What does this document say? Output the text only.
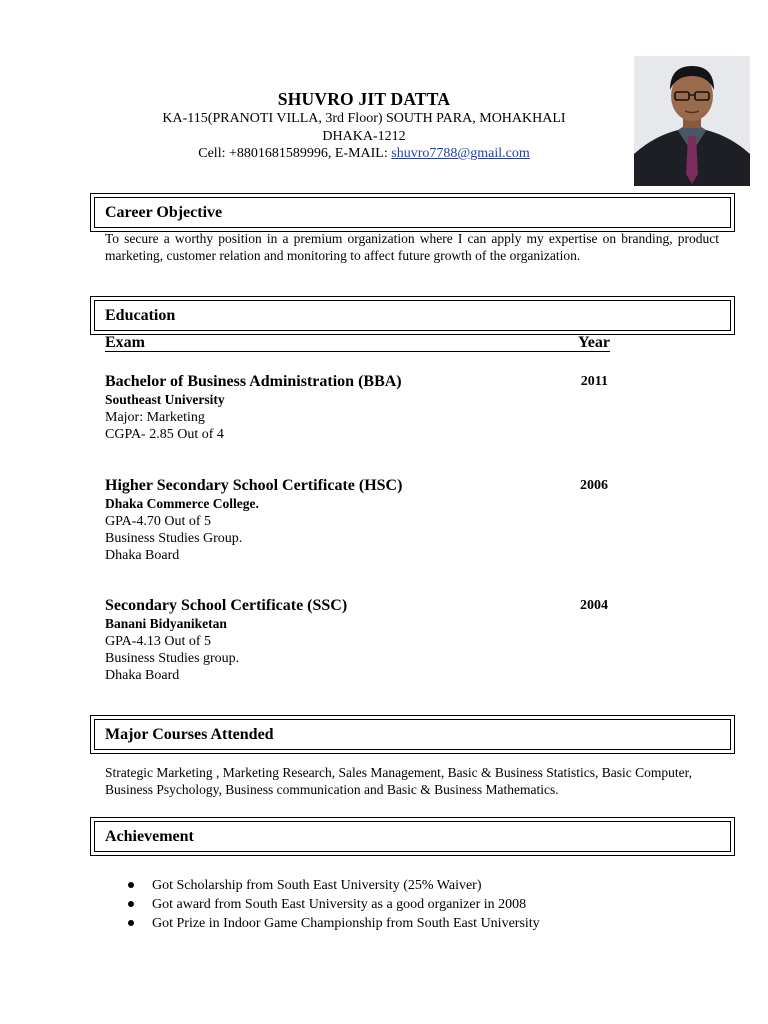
SHUVRO JIT DATTA
KA-115(PRANOTI VILLA, 3rd Floor) SOUTH PARA, MOHAKHALI
DHAKA-1212
Cell: +8801681589996, E-MAIL: shuvro7788@gmail.com
Career Objective
To secure a worthy position in a premium organization where I can apply my expertise on branding, product marketing, customer relation and monitoring to affect future growth of the organization.
Education
Exam	Year
Bachelor of Business Administration (BBA)	2011
Southeast University
Major: Marketing
CGPA- 2.85 Out of 4
Higher Secondary School Certificate (HSC)	2006
Dhaka Commerce College.
GPA-4.70 Out of 5
Business Studies Group.
Dhaka Board
Secondary School Certificate (SSC)	2004
Banani Bidyaniketan
GPA-4.13 Out of 5
Business Studies group.
Dhaka Board
Major Courses Attended
Strategic Marketing , Marketing Research, Sales Management, Basic & Business Statistics, Basic Computer, Business Psychology, Business communication and Basic & Business Mathematics.
Achievement
Got Scholarship from South East University (25% Waiver)
Got award from South East University as a good organizer in 2008
Got Prize in Indoor Game Championship from South East University
